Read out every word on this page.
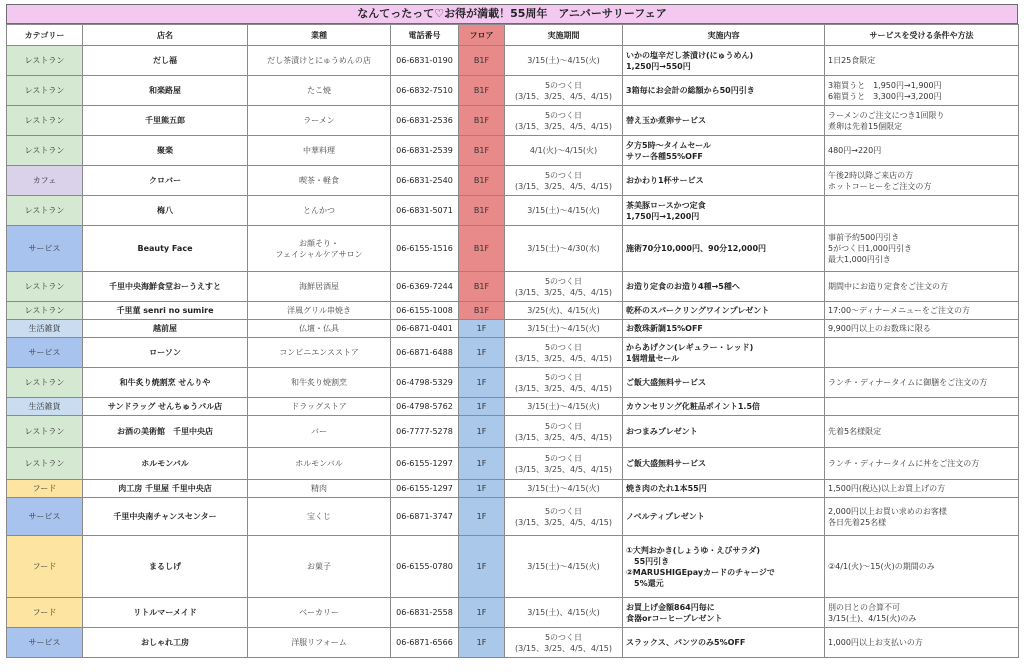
なんてったって♡お得が満載！55周年　アニバーサリーフェア
カテゴリー	店名	業種	電話番号	フロア	実施期間	実施内容	サービスを受ける条件や方法
レストラン	だし福	だし茶漬けとにゅうめんの店	06-6831-0190	B1F	3/15(土)～4/15(火)	いかの塩辛だし茶漬け(にゅうめん)
1,250円→550円	1日25食限定

レストラン	和楽路屋	たこ焼	06-6832-7510	B1F	5のつく日
(3/15、3/25、4/5、4/15)	3箱毎にお会計の総額から50円引き	3箱買うと　1,950円→1,900円
6箱買うと　3,300円→3,200円

レストラン	千里熊五郎	ラーメン	06-6831-2536	B1F	5のつく日
(3/15、3/25、4/5、4/15)	替え玉か煮卵サービス	ラーメンのご注文につき1回限り
煮卵は先着15個限定

レストラン	聚楽	中華料理	06-6831-2539	B1F	4/1(火)～4/15(火)	夕方5時～タイムセール
サワー各種55%OFF	480円→220円

カフェ	クロバー	喫茶・軽食	06-6831-2540	B1F	5のつく日
(3/15、3/25、4/5、4/15)	おかわり1杯サービス	午後2時以降ご来店の方
ホットコーヒーをご注文の方

レストラン	梅八	とんかつ	06-6831-5071	B1F	3/15(土)～4/15(火)	茶美豚ロースかつ定食
1,750円→1,200円	

サービス	Beauty Face	お顔そり・
フェイシャルケアサロン	06-6155-1516	B1F	3/15(土)～4/30(水)	施術70分10,000円、90分12,000円	事前予約500円引き
5がつく日1,000円引き
最大1,000円引き

レストラン	千里中央海鮮食堂おーうえすと	海鮮居酒屋	06-6369-7244	B1F	5のつく日
(3/15、3/25、4/5、4/15)	お造り定食のお造り4種→5種へ	期間中にお造り定食をご注文の方

レストラン	千里菫 senri no sumire	洋風グリル串焼き	06-6155-1008	B1F	3/25(火)、4/15(火)	乾杯のスパークリングワインプレゼント	17:00～ディナーメニューをご注文の方

生活雑貨	越前屋	仏壇・仏具	06-6871-0401	1F	3/15(土)～4/15(火)	お数珠新調15%OFF	9,900円以上のお数珠に限る

サービス	ローソン	コンビニエンスストア	06-6871-6488	1F	5のつく日
(3/15、3/25、4/5、4/15)	からあげクン(レギュラー・レッド)
1個増量セール	

レストラン	和牛炙り焼割烹 せんりや	和牛炙り焼割烹	06-4798-5329	1F	5のつく日
(3/15、3/25、4/5、4/15)	ご飯大盛無料サービス	ランチ・ディナータイムに御膳をご注文の方

生活雑貨	サンドラッグ せんちゅうパル店	ドラッグストア	06-4798-5762	1F	3/15(土)～4/15(火)	カウンセリング化粧品ポイント1.5倍	

レストラン	お酒の美術館　千里中央店	バー	06-7777-5278	1F	5のつく日
(3/15、3/25、4/5、4/15)	おつまみプレゼント	先着5名様限定

レストラン	ホルモンバル	ホルモンバル	06-6155-1297	1F	5のつく日
(3/15、3/25、4/5、4/15)	ご飯大盛無料サービス	ランチ・ディナータイムに丼をご注文の方

フード	肉工房 千里屋 千里中央店	精肉	06-6155-1297	1F	3/15(土)～4/15(火)	焼き肉のたれ1本55円	1,500円(税込)以上お買上げの方

サービス	千里中央南チャンスセンター	宝くじ	06-6871-3747	1F	5のつく日
(3/15、3/25、4/5、4/15)	ノベルティプレゼント	2,000円以上お買い求めのお客様
各日先着25名様

フード	まるしげ	お菓子	06-6155-0780	1F	3/15(土)～4/15(火)	①大判おかき(しょうゆ・えびサラダ)
　55円引き
②MARUSHIGEpayカードのチャージで
　5%還元	②4/1(火)～15(火)の期間のみ

フード	リトルマーメイド	ベーカリー	06-6831-2558	1F	3/15(土)、4/15(火)	お買上げ金額864円毎に
食器orコーヒープレゼント	別の日との合算不可
3/15(土)、4/15(火)のみ

サービス	おしゃれ工房	洋服リフォーム	06-6871-6566	1F	5のつく日
(3/15、3/25、4/5、4/15)	スラックス、パンツのみ5%OFF	1,000円以上お支払いの方
